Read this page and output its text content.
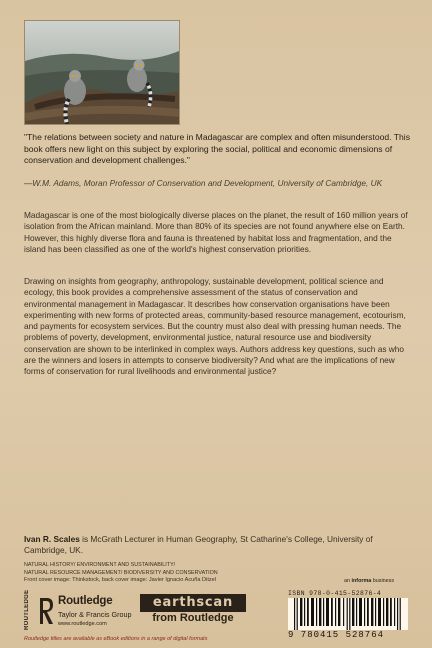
"The relations between society and nature in Madagascar are complex and often misunderstood. This book offers new light on this subject by exploring the social, political and economic dimensions of conservation and development challenges."
—W.M. Adams, Moran Professor of Conservation and Development, University of Cambridge, UK
Madagascar is one of the most biologically diverse places on the planet, the result of 160 million years of isolation from the African mainland. More than 80% of its species are not found anywhere else on Earth. However, this highly diverse flora and fauna is threatened by habitat loss and fragmentation, and the island has been classified as one of the world's highest conservation priorities.
Drawing on insights from geography, anthropology, sustainable development, political science and ecology, this book provides a comprehensive assessment of the status of conservation and environmental management in Madagascar. It describes how conservation organisations have been experimenting with new forms of protected areas, community-based resource management, ecotourism, and payments for ecosystem services. But the country must also deal with pressing human needs. The problems of poverty, development, environmental justice, natural resource use and biodiversity conservation are shown to be interlinked in complex ways. Authors address key questions, such as who are the winners and losers in attempts to conserve biodiversity? And what are the implications of new forms of conservation for rural livelihoods and environmental justice?
Ivan R. Scales is McGrath Lecturer in Human Geography, St Catharine's College, University of Cambridge, UK.
NATURAL HISTORY/ ENVIRONMENT AND SUSTAINABILITY/
NATURAL RESOURCE MANAGEMENT/ BIODIVERSITY AND CONSERVATION
Front cover image: Thinkstock, back cover image: Javier Ignacio Acuña Ditzel	an informa business
ROUTLEDGE	Routledge
Taylor & Francis Group
www.routledge.com
earthscan
from Routledge
ISBN 978-0-415-52876-4
9 780415 528764
Routledge titles are available as eBook editions in a range of digital formats
